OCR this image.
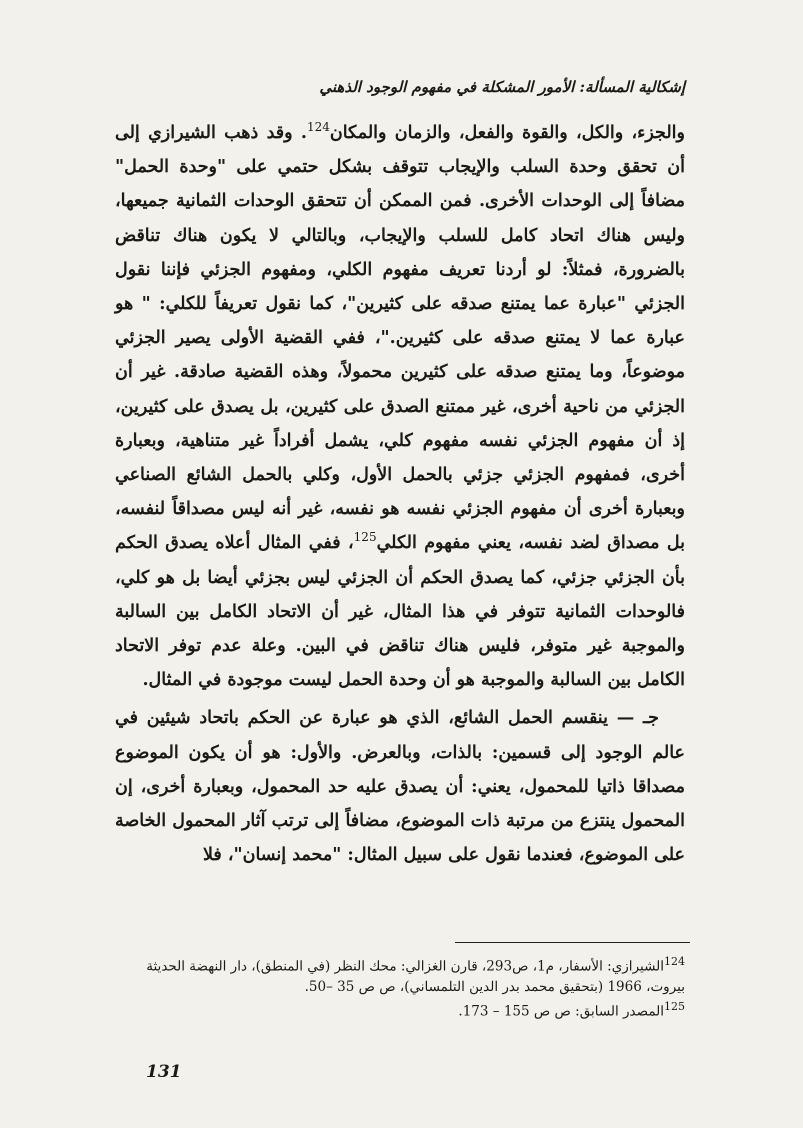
إشكالية المسألة: الأمور المشكلة في مفهوم الوجود الذهني

والجزء، والكل، والقوة والفعل، والزمان والمكان$^{124}$. وقد ذهب الشيرازي إلى أن تحقق وحدة السلب والإيجاب تتوقف بشكل حتمي على "وحدة الحمل" مضافاً إلى الوحدات الأخرى. فمن الممكن أن تتحقق الوحدات الثمانية جميعها، وليس هناك اتحاد كامل للسلب والإيجاب، وبالتالي لا يكون هناك تناقض بالضرورة، فمثلاً: لو أردنا تعريف مفهوم الكلي، ومفهوم الجزئي فإننا نقول الجزئي "عبارة عما يمتنع صدقه على كثيرين"، كما نقول تعريفاً للكلي: " هو عبارة عما لا يمتنع صدقه على كثيرين."، ففي القضية الأولى يصير الجزئي موضوعاً، وما يمتنع صدقه على كثيرين محمولاً، وهذه القضية صادقة. غير أن الجزئي من ناحية أخرى، غير ممتنع الصدق على كثيرين، بل يصدق على كثيرين، إذ أن مفهوم الجزئي نفسه مفهوم كلي، يشمل أفراداً غير متناهية، وبعبارة أخرى، فمفهوم الجزئي جزئي بالحمل الأول، وكلي بالحمل الشائع الصناعي وبعبارة أخرى أن مفهوم الجزئي نفسه هو نفسه، غير أنه ليس مصداقاً لنفسه، بل مصداق لضد نفسه، يعني مفهوم الكلي$^{125}$، ففي المثال أعلاه يصدق الحكم بأن الجزئي جزئي، كما يصدق الحكم أن الجزئي ليس بجزئي أيضا بل هو كلي، فالوحدات الثمانية تتوفر في هذا المثال، غير أن الاتحاد الكامل بين السالبة والموجبة غير متوفر، فليس هناك تناقض في البين. وعلة عدم توفر الاتحاد الكامل بين السالبة والموجبة هو أن وحدة الحمل ليست موجودة في المثال.

جـ — ينقسم الحمل الشائع، الذي هو عبارة عن الحكم باتحاد شيئين في عالم الوجود إلى قسمين: بالذات، وبالعرض. والأول: هو أن يكون الموضوع مصداقا ذاتيا للمحمول، يعني: أن يصدق عليه حد المحمول، وبعبارة أخرى، إن المحمول ينتزع من مرتبة ذات الموضوع، مضافاً إلى ترتب آثار المحمول الخاصة على الموضوع، فعندما نقول على سبيل المثال: "محمد إنسان"، فلا

$^{124}$الشيرازي: الأسفار، م1، ص293، قارن الغزالي: محك النظر (في المنطق)، دار النهضة الحديثة بيروت، 1966 (بتحقيق محمد بدر الدين التلمساني)، ص ص 35 –50.

$^{125}$المصدر السابق: ص ص 155 – 173.

131
